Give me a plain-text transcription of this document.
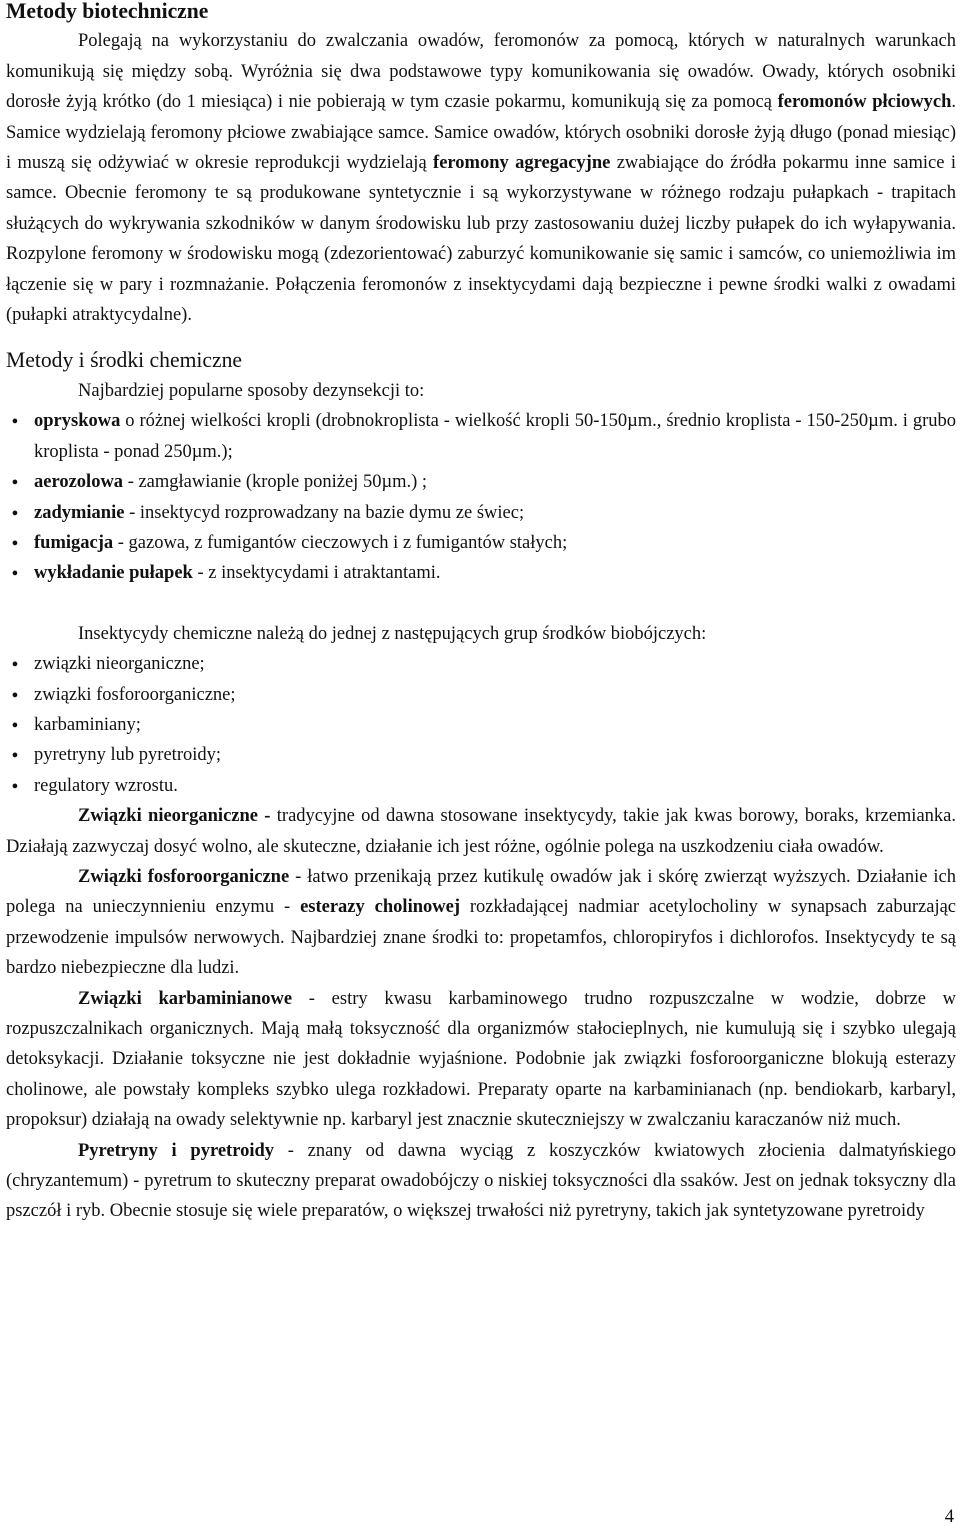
Metody biotechniczne

Polegają na wykorzystaniu do zwalczania owadów, feromonów za pomocą, których w naturalnych warunkach komunikują się między sobą. Wyróżnia się dwa podstawowe typy komunikowania się owadów. Owady, których osobniki dorosłe żyją krótko (do 1 miesiąca) i nie pobierają w tym czasie pokarmu, komunikują się za pomocą feromonów płciowych. Samice wydzielają feromony płciowe zwabiające samce. Samice owadów, których osobniki dorosłe żyją długo (ponad miesiąc) i muszą się odżywiać w okresie reprodukcji wydzielają feromony agregacyjne zwabiające do źródła pokarmu inne samice i samce. Obecnie feromony te są produkowane syntetycznie i są wykorzystywane w różnego rodzaju pułapkach - trapitach służących do wykrywania szkodników w danym środowisku lub przy zastosowaniu dużej liczby pułapek do ich wyłapywania. Rozpylone feromony w środowisku mogą (zdezorientować) zaburzyć komunikowanie się samic i samców, co uniemożliwia im łączenie się w pary i rozmnażanie. Połączenia feromonów z insektycydami dają bezpieczne i pewne środki walki z owadami (pułapki atraktycydalne).

Metody i środki chemiczne

Najbardziej popularne sposoby dezynsekcji to:

●
opryskowa o różnej wielkości kropli (drobnokroplista - wielkość kropli 50-150µm., średnio kroplista - 150-250µm. i grubo kroplista - ponad 250µm.);
●
aerozolowa - zamgławianie (krople poniżej 50µm.) ;
●
zadymianie - insektycyd rozprowadzany na bazie dymu ze świec;
●
fumigacja - gazowa, z fumigantów cieczowych i z fumigantów stałych;
●
wykładanie pułapek - z insektycydami i atraktantami.

Insektycydy chemiczne należą do jednej z następujących grup środków biobójczych:

●
związki nieorganiczne;
●
związki fosforoorganiczne;
●
karbaminiany;
●
pyretryny lub pyretroidy;
●
regulatory wzrostu.

Związki nieorganiczne - tradycyjne od dawna stosowane insektycydy, takie jak kwas borowy, boraks, krzemianka. Działają zazwyczaj dosyć wolno, ale skuteczne, działanie ich jest różne, ogólnie polega na uszkodzeniu ciała owadów.

Związki fosforoorganiczne - łatwo przenikają przez kutikulę owadów jak i skórę zwierząt wyższych. Działanie ich polega na unieczynnieniu enzymu - esterazy cholinowej rozkładającej nadmiar acetylocholiny w synapsach zaburzając przewodzenie impulsów nerwowych. Najbardziej znane środki to: propetamfos, chloropiryfos i dichlorofos. Insektycydy te są bardzo niebezpieczne dla ludzi.

Związki karbaminianowe - estry kwasu karbaminowego trudno rozpuszczalne w wodzie, dobrze w rozpuszczalnikach organicznych. Mają małą toksyczność dla organizmów stałocieplnych, nie kumulują się i szybko ulegają detoksykacji. Działanie toksyczne nie jest dokładnie wyjaśnione. Podobnie jak związki fosforoorganiczne blokują esterazy cholinowe, ale powstały kompleks szybko ulega rozkładowi. Preparaty oparte na karbaminianach (np. bendiokarb, karbaryl, propoksur) działają na owady selektywnie np. karbaryl jest znacznie skuteczniejszy w zwalczaniu karaczanów niż much.

Pyretryny i pyretroidy - znany od dawna wyciąg z koszyczków kwiatowych złocienia dalmatyńskiego (chryzantemum) - pyretrum to skuteczny preparat owadobójczy o niskiej toksyczności dla ssaków. Jest on jednak toksyczny dla pszczół i ryb. Obecnie stosuje się wiele preparatów, o większej trwałości niż pyretryny, takich jak syntetyzowane pyretroidy

4
